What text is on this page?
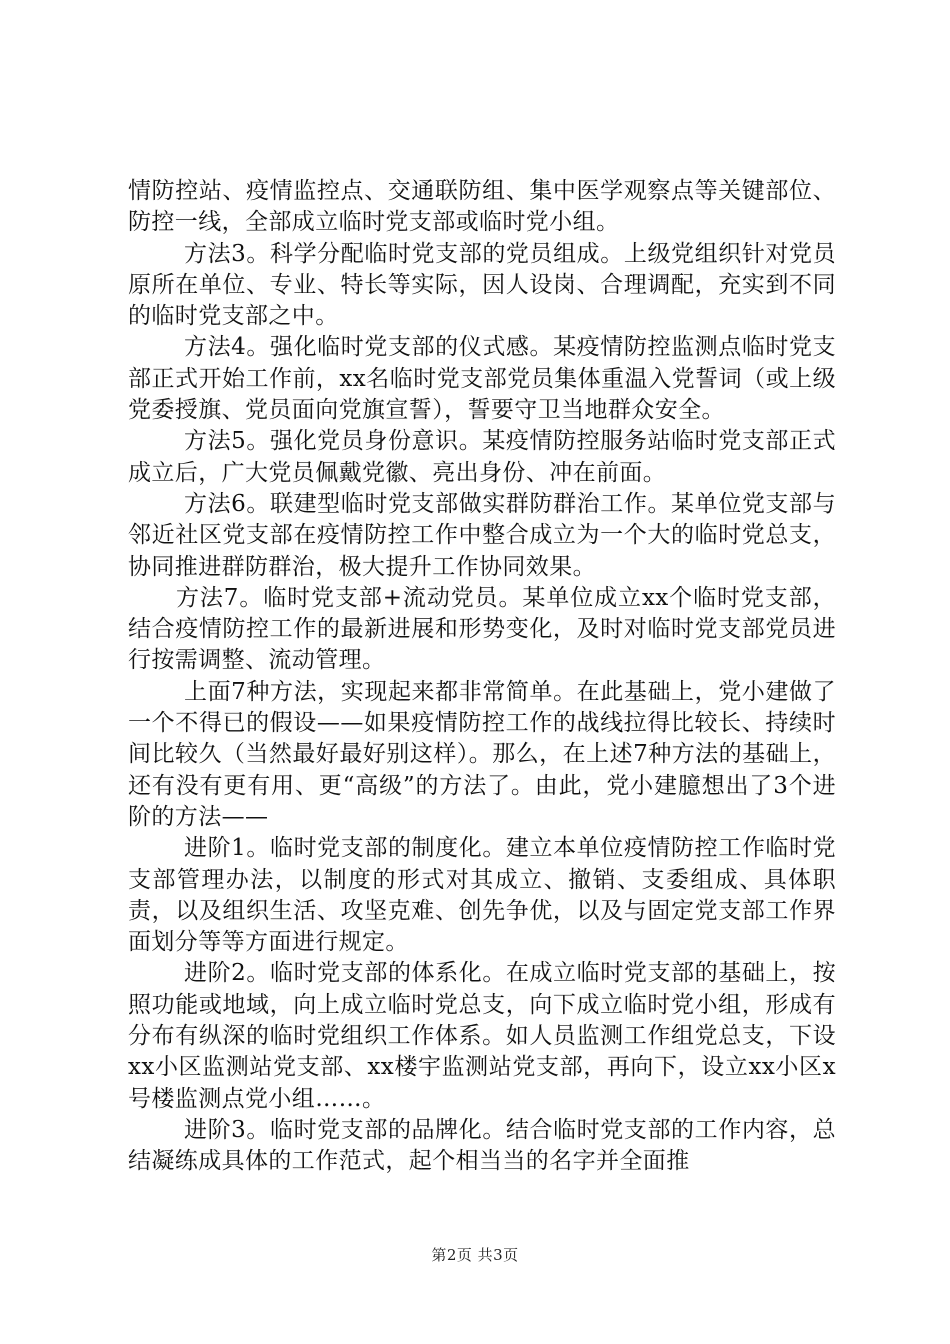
情防控站、疫情监控点、交通联防组、集中医学观察点等关键部位、防控一线，全部成立临时党支部或临时党小组。

方法3。科学分配临时党支部的党员组成。上级党组织针对党员原所在单位、专业、特长等实际，因人设岗、合理调配，充实到不同的临时党支部之中。

方法4。强化临时党支部的仪式感。某疫情防控监测点临时党支部正式开始工作前，xx名临时党支部党员集体重温入党誓词（或上级党委授旗、党员面向党旗宣誓），誓要守卫当地群众安全。

方法5。强化党员身份意识。某疫情防控服务站临时党支部正式成立后，广大党员佩戴党徽、亮出身份、冲在前面。

方法6。联建型临时党支部做实群防群治工作。某单位党支部与邻近社区党支部在疫情防控工作中整合成立为一个大的临时党总支，协同推进群防群治，极大提升工作协同效果。

方法7。临时党支部+流动党员。某单位成立xx个临时党支部，结合疫情防控工作的最新进展和形势变化，及时对临时党支部党员进行按需调整、流动管理。

上面7种方法，实现起来都非常简单。在此基础上，党小建做了一个不得已的假设——如果疫情防控工作的战线拉得比较长、持续时间比较久（当然最好最好别这样）。那么，在上述7种方法的基础上，还有没有更有用、更“高级”的方法了。由此，党小建臆想出了3个进阶的方法——

进阶1。临时党支部的制度化。建立本单位疫情防控工作临时党支部管理办法，以制度的形式对其成立、撤销、支委组成、具体职责，以及组织生活、攻坚克难、创先争优，以及与固定党支部工作界面划分等等方面进行规定。

进阶2。临时党支部的体系化。在成立临时党支部的基础上，按照功能或地域，向上成立临时党总支，向下成立临时党小组，形成有分布有纵深的临时党组织工作体系。如人员监测工作组党总支，下设xx小区监测站党支部、xx楼宇监测站党支部，再向下，设立xx小区x号楼监测点党小组……。

进阶3。临时党支部的品牌化。结合临时党支部的工作内容，总结凝练成具体的工作范式，起个相当当的名字并全面推

第2页 共3页
